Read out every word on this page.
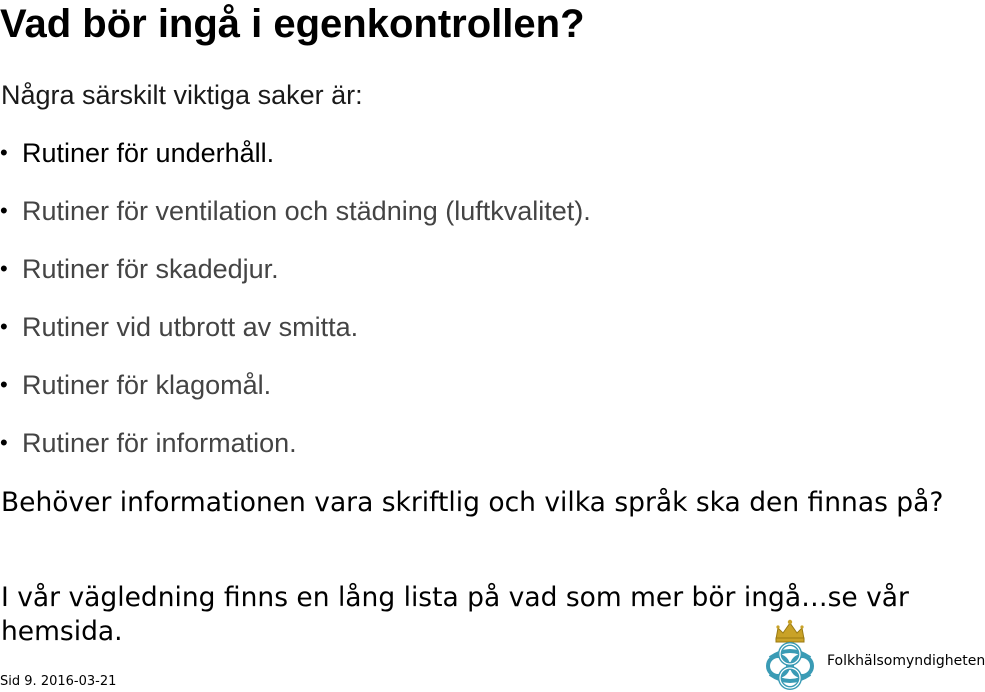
Vad bör ingå i egenkontrollen?

Några särskilt viktiga saker är:

• Rutiner för underhåll.
• Rutiner för ventilation och städning (luftkvalitet).
• Rutiner för skadedjur.
• Rutiner vid utbrott av smitta.
• Rutiner för klagomål.
• Rutiner för information.

Behöver informationen vara skriftlig och vilka språk ska den finnas på?

I vår vägledning finns en lång lista på vad som mer bör ingå…se vår hemsida.

Sid 9. 2016-03-21
Folkhälsomyndigheten
